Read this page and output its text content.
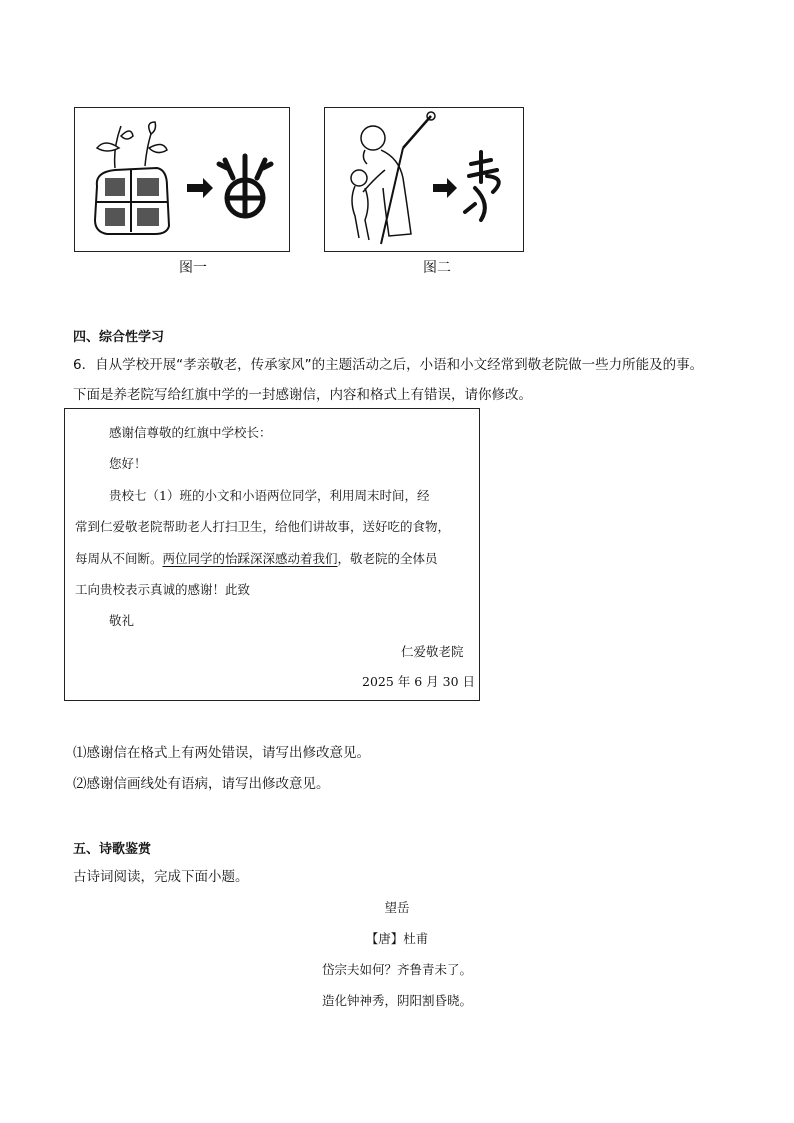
图一	图二
四、综合性学习
6．自从学校开展“孝亲敬老，传承家风”的主题活动之后，小语和小文经常到敬老院做一些力所能及的事。
下面是养老院写给红旗中学的一封感谢信，内容和格式上有错误，请你修改。
感谢信尊敬的红旗中学校长：
您好！
贵校七（1）班的小文和小语两位同学，利用周末时间，经
常到仁爱敬老院帮助老人打扫卫生，给他们讲故事，送好吃的食物，
每周从不间断。两位同学的怡踩深深感动着我们，敬老院的全体员
工向贵校表示真诚的感谢！此致
敬礼
仁爱敬老院
2025 年 6 月 30 日
⑴感谢信在格式上有两处错误，请写出修改意见。
⑵感谢信画线处有语病，请写出修改意见。
五、诗歌鉴赏
古诗词阅读，完成下面小题。
望岳
【唐】杜甫
岱宗夫如何？齐鲁青未了。
造化钟神秀，阴阳割昏晓。
